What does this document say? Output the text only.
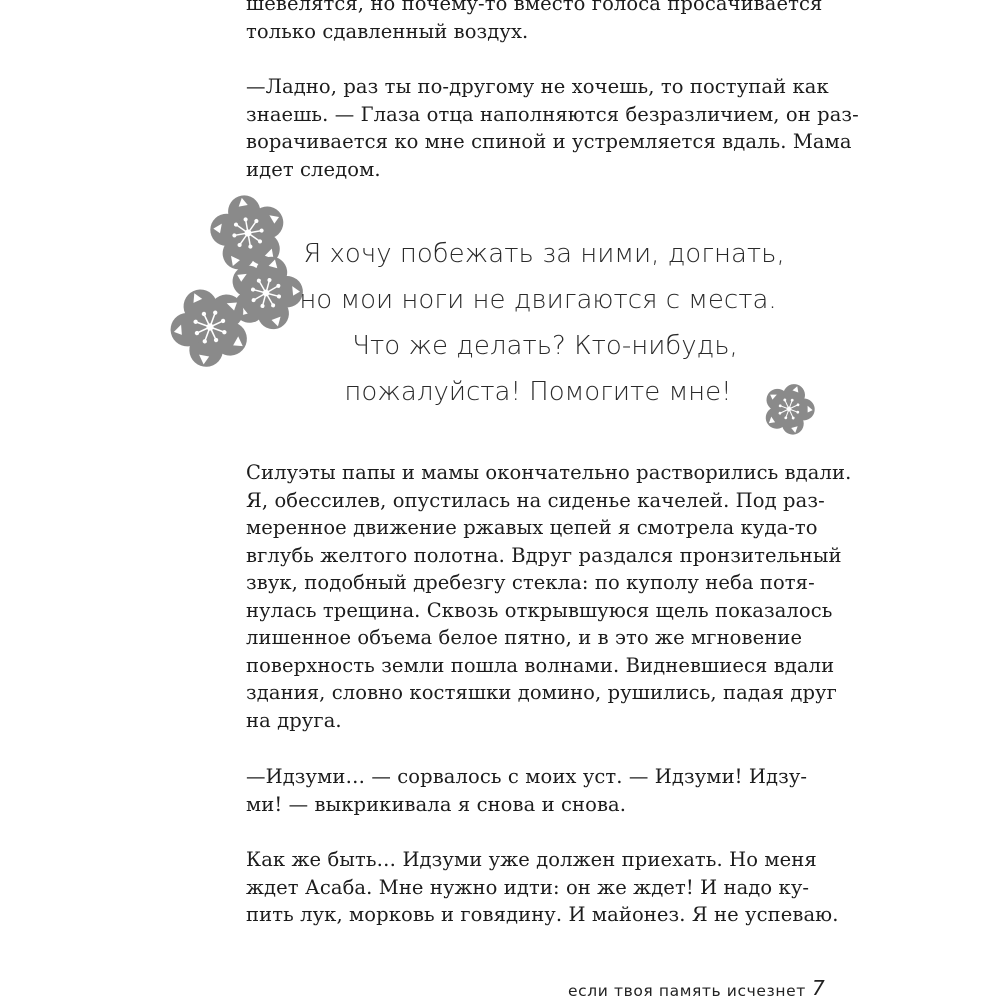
шевелятся, но почему-то вместо голоса просачивается
только сдавленный воздух.
—Ладно, раз ты по-другому не хочешь, то поступай как
знаешь. — Глаза отца наполняются безразличием, он раз-
ворачивается ко мне спиной и устремляется вдаль. Мама
идет следом.
Я хочу побежать за ними, догнать,
но мои ноги не двигаются с места.
Что же делать? Кто-нибудь,
пожалуйста! Помогите мне!
Силуэты папы и мамы окончательно растворились вдали.
Я, обессилев, опустилась на сиденье качелей. Под раз-
меренное движение ржавых цепей я смотрела куда-то
вглубь желтого полотна. Вдруг раздался пронзительный
звук, подобный дребезгу стекла: по куполу неба потя-
нулась трещина. Сквозь открывшуюся щель показалось
лишенное объема белое пятно, и в это же мгновение
поверхность земли пошла волнами. Видневшиеся вдали
здания, словно костяшки домино, рушились, падая друг
на друга.
—Идзуми… — сорвалось с моих уст. — Идзуми! Идзу-
ми! — выкрикивала я снова и снова.
Как же быть… Идзуми уже должен приехать. Но меня
ждет Асаба. Мне нужно идти: он же ждет! И надо ку-
пить лук, морковь и говядину. И майонез. Я не успеваю.
если твоя память исчезнет 7
